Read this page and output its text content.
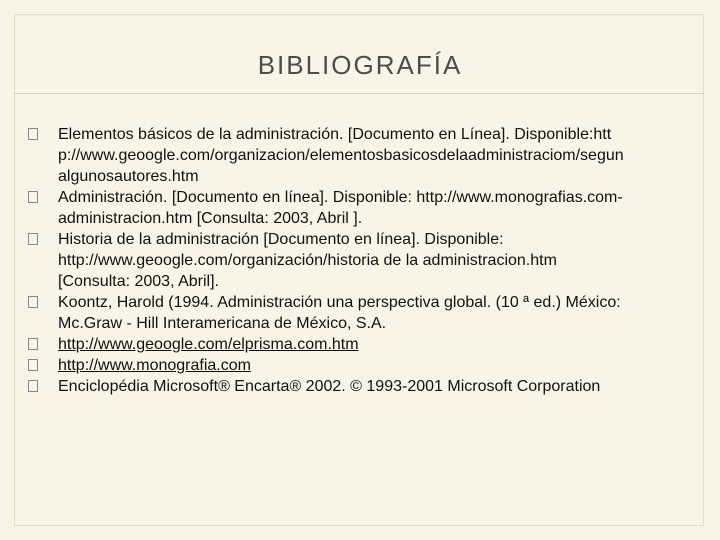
BIBLIOGRAFÍA
Elementos básicos de la administración. [Documento en Línea]. Disponible:htt
p://www.geoogle.com/organizacion/elementosbasicosdelaadministraciom/segun
algunosautores.htm
Administración. [Documento en línea]. Disponible: http://www.monografias.com-
administracion.htm [Consulta: 2003, Abril ].
Historia de la administración [Documento en línea]. Disponible:
http://www.geoogle.com/organización/historia de la administracion.htm
[Consulta: 2003, Abril].
Koontz, Harold (1994. Administración una perspectiva global. (10 ª ed.) México:
Mc.Graw - Hill Interamericana de México, S.A.
http://www.geoogle.com/elprisma.com.htm
http://www.monografia.com
Enciclopédia Microsoft® Encarta® 2002. © 1993-2001 Microsoft Corporation
